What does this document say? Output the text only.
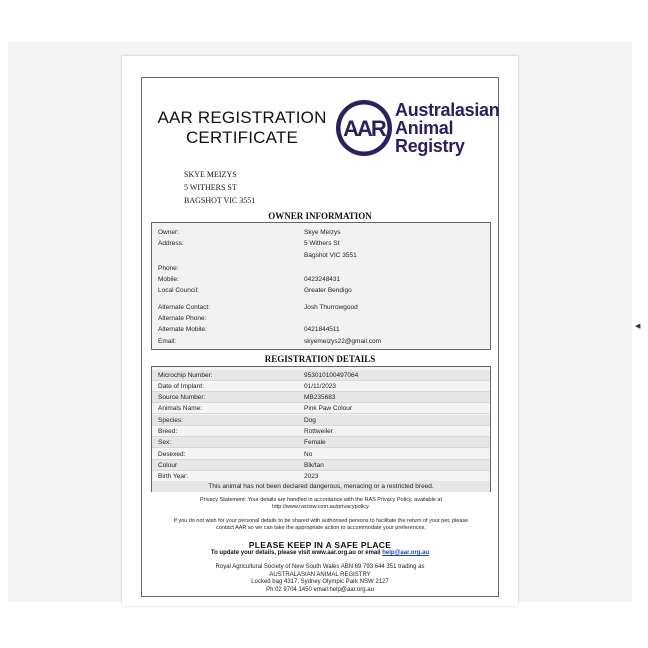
◀
AAR REGISTRATION
CERTIFICATE	AAR
Australasian
Animal
Registry
SKYE MEIZYS
5 WITHERS ST
BAGSHOT VIC 3551
OWNER INFORMATION
Owner:	Skye Meizys
Address:	5 Withers St
Bagshot VIC 3551
Phone:
Mobile:	0423248431
Local Council:	Greater Bendigo
Alternate Contact:	Josh Thurrowgood
Alternate Phone:
Alternate Mobile:	0421844511
Email:	skyemeizys22@gmail.com
REGISTRATION DETAILS
Microchip Number:	953010100497064
Date of Implant:	01/11/2023
Source Number:	MB235683
Animals Name:	Pink Paw Colour
Species:	Dog
Breed:	Rottweiler
Sex:	Female
Desexed:	No
Colour	Blk/tan
Birth Year:	2023
This animal has not been declared dangerous, menacing or a restricted breed.
Privacy Statement: Your details are handled in accordance with the RAS Privacy Policy, available at
http://www.rasnsw.com.au/privacypolicy.
If you do not wish for your personal details to be shared with authorised persons to facilitate the return of your pet, please
contact AAR so we can take the appropriate action to accommodate your preferences.
PLEASE KEEP IN A SAFE PLACE
To update your details, please visit www.aar.org.au or email help@aar.org.au
Royal Agricultural Society of New South Wales ABN 69 793 644 351 trading as
AUSTRALASIAN ANIMAL REGISTRY
Locked bag 4317, Sydney Olympic Park NSW 2127
Ph:02 9704 1450 email:help@aar.org.au
